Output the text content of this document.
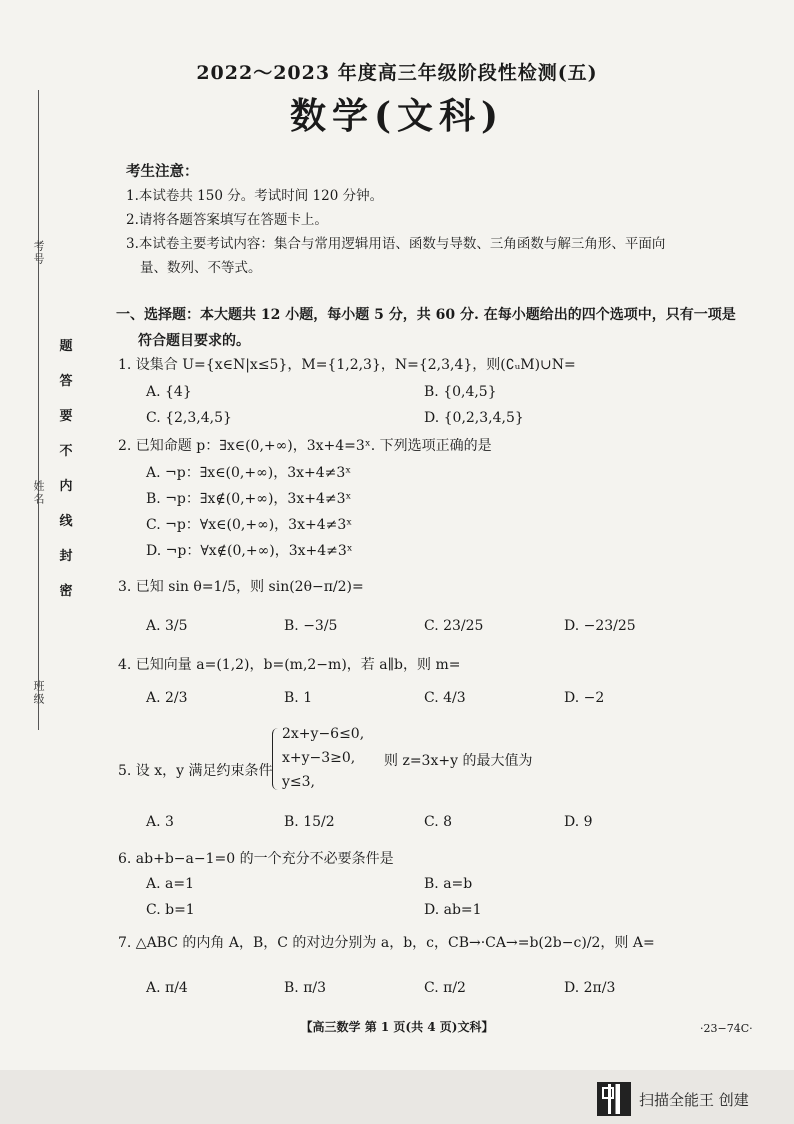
考号
姓名
班级
题
答
要
不
内
线
封
密
2022～2023 年度高三年级阶段性检测(五)
数学(文科)
考生注意：
1.本试卷共 150 分。考试时间 120 分钟。
2.请将各题答案填写在答题卡上。
3.本试卷主要考试内容：集合与常用逻辑用语、函数与导数、三角函数与解三角形、平面向
量、数列、不等式。
一、选择题：本大题共 12 小题，每小题 5 分，共 60 分. 在每小题给出的四个选项中，只有一项是
符合题目要求的。
1. 设集合 U={x∈N|x≤5}，M={1,2,3}，N={2,3,4}，则(∁ᵤM)∪N=
A. {4}	B. {0,4,5}
C. {2,3,4,5}	D. {0,2,3,4,5}
2. 已知命题 p：∃x∈(0,+∞)，3x+4=3ˣ. 下列选项正确的是
A. ¬p：∃x∈(0,+∞)，3x+4≠3ˣ
B. ¬p：∃x∉(0,+∞)，3x+4≠3ˣ
C. ¬p：∀x∈(0,+∞)，3x+4≠3ˣ
D. ¬p：∀x∉(0,+∞)，3x+4≠3ˣ
3. 已知 sin θ=1/5，则 sin(2θ−π/2)=
A. 3/5	B. −3/5	C. 23/25	D. −23/25
4. 已知向量 a=(1,2)，b=(m,2−m)，若 a∥b，则 m=
A. 2/3	B. 1	C. 4/3	D. −2
5. 设 x，y 满足约束条件
2x+y−6≤0,
x+y−3≥0,
y≤3,
则 z=3x+y 的最大值为
A. 3	B. 15/2	C. 8	D. 9
6. ab+b−a−1=0 的一个充分不必要条件是
A. a=1	B. a=b
C. b=1	D. ab=1
7. △ABC 的内角 A，B，C 的对边分别为 a，b，c，CB→·CA→=b(2b−c)/2，则 A=
A. π/4	B. π/3	C. π/2	D. 2π/3
【高三数学 第 1 页(共 4 页)文科】	·23−74C·
扫描全能王 创建
